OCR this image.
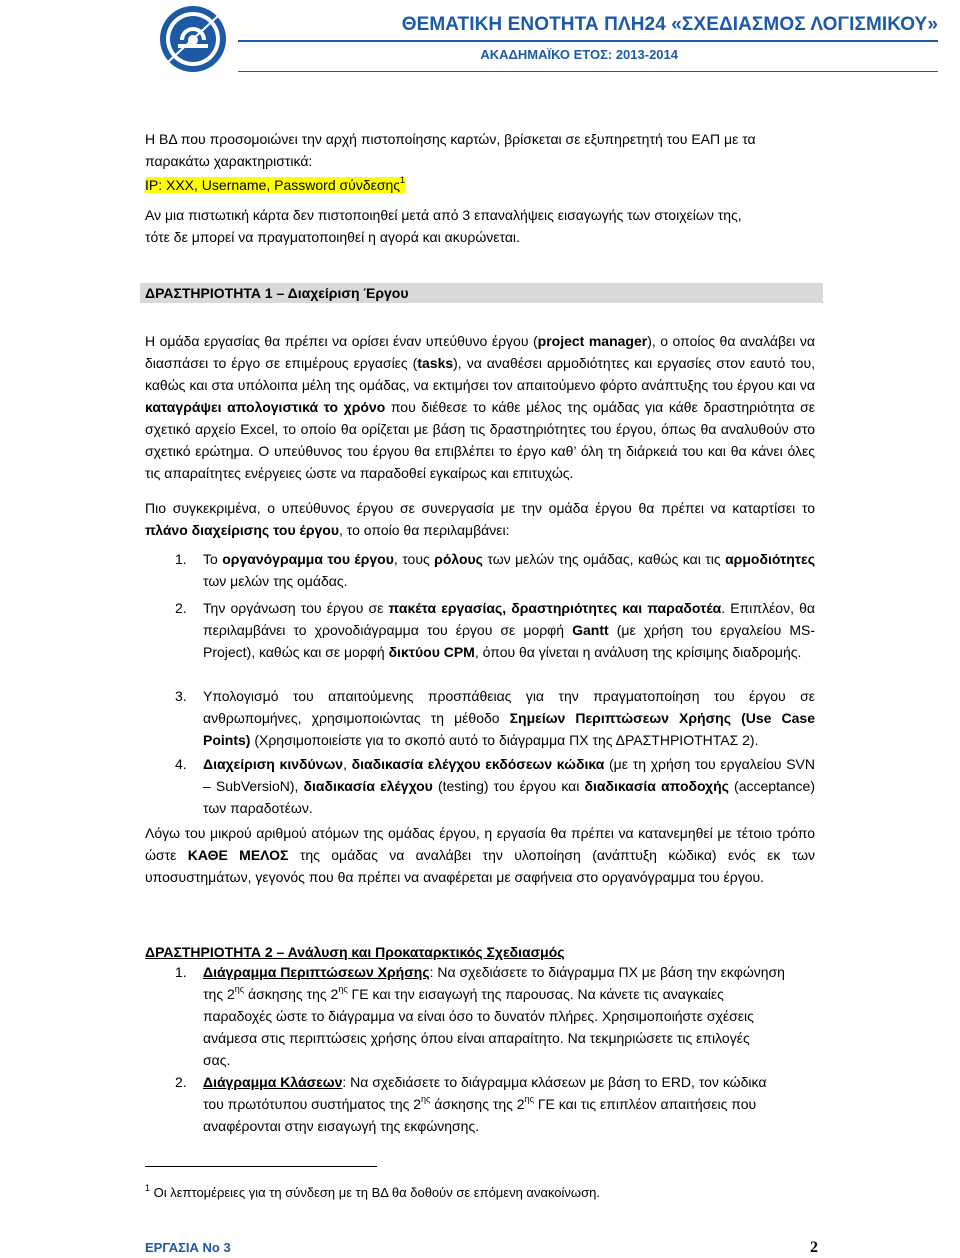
ΘΕΜΑΤΙΚΗ ΕΝΟΤΗΤΑ ΠΛΗ24 «ΣΧΕΔΙΑΣΜΟΣ ΛΟΓΙΣΜΙΚΟΥ»
ΑΚΑΔΗΜΑΪΚΟ ΕΤΟΣ: 2013-2014
Η ΒΔ που προσομοιώνει την αρχή πιστοποίησης καρτών, βρίσκεται σε εξυπηρετητή του ΕΑΠ με τα
παρακάτω χαρακτηριστικά:
IP: XXX, Username, Password σύνδεσης$^1$
Αν μια πιστωτική κάρτα δεν πιστοποιηθεί μετά από 3 επαναλήψεις εισαγωγής των στοιχείων της,
τότε δε μπορεί να πραγματοποιηθεί η αγορά και ακυρώνεται.
ΔΡΑΣΤΗΡΙΟΤΗΤΑ 1 – Διαχείριση Έργου
Η ομάδα εργασίας θα πρέπει να ορίσει έναν υπεύθυνο έργου (project manager), ο οποίος θα αναλάβει να διασπάσει το έργο σε επιμέρους εργασίες (tasks), να αναθέσει αρμοδιότητες και εργασίες στον εαυτό του, καθώς και στα υπόλοιπα μέλη της ομάδας, να εκτιμήσει τον απαιτούμενο φόρτο ανάπτυξης του έργου και να καταγράψει απολογιστικά το χρόνο που διέθεσε το κάθε μέλος της ομάδας για κάθε δραστηριότητα σε σχετικό αρχείο Excel, το οποίο θα ορίζεται με βάση τις δραστηριότητες του έργου, όπως θα αναλυθούν στο σχετικό ερώτημα. Ο υπεύθυνος του έργου θα επιβλέπει το έργο καθ’ όλη τη διάρκειά του και θα κάνει όλες τις απαραίτητες ενέργειες ώστε να παραδοθεί εγκαίρως και επιτυχώς.
Πιο συγκεκριμένα, ο υπεύθυνος έργου σε συνεργασία με την ομάδα έργου θα πρέπει να καταρτίσει το πλάνο διαχείρισης του έργου, το οποίο θα περιλαμβάνει:
1. Το οργανόγραμμα του έργου, τους ρόλους των μελών της ομάδας, καθώς και τις αρμοδιότητες των μελών της ομάδας.
2. Την οργάνωση του έργου σε πακέτα εργασίας, δραστηριότητες και παραδοτέα. Επιπλέον, θα περιλαμβάνει το χρονοδιάγραμμα του έργου σε μορφή Gantt (με χρήση του εργαλείου MS-Project), καθώς και σε μορφή δικτύου CPM, όπου θα γίνεται η ανάλυση της κρίσιμης διαδρομής.
3. Υπολογισμό του απαιτούμενης προσπάθειας για την πραγματοποίηση του έργου σε ανθρωπομήνες, χρησιμοποιώντας τη μέθοδο Σημείων Περιπτώσεων Χρήσης (Use Case Points) (Χρησιμοποιείστε για το σκοπό αυτό το διάγραμμα ΠΧ της ΔΡΑΣΤΗΡΙΟΤΗΤΑΣ 2).
4. Διαχείριση κινδύνων, διαδικασία ελέγχου εκδόσεων κώδικα (με τη χρήση του εργαλείου SVN – SubVersioN), διαδικασία ελέγχου (testing) του έργου και διαδικασία αποδοχής (acceptance) των παραδοτέων.
Λόγω του μικρού αριθμού ατόμων της ομάδας έργου, η εργασία θα πρέπει να κατανεμηθεί με τέτοιο τρόπο ώστε ΚΑΘΕ ΜΕΛΟΣ της ομάδας να αναλάβει την υλοποίηση (ανάπτυξη κώδικα) ενός εκ των υποσυστημάτων, γεγονός που θα πρέπει να αναφέρεται με σαφήνεια στο οργανόγραμμα του έργου.
ΔΡΑΣΤΗΡΙΟΤΗΤΑ 2 – Ανάλυση και Προκαταρκτικός Σχεδιασμός
1. Διάγραμμα Περιπτώσεων Χρήσης: Να σχεδιάσετε το διάγραμμα ΠΧ με βάση την εκφώνηση
της $2^{\eta\varsigma}$ άσκησης της $2^{\eta\varsigma}$ ΓΕ και την εισαγωγή της παρουσας. Να κάνετε τις αναγκαίες
παραδοχές ώστε το διάγραμμα να είναι όσο το δυνατόν πλήρες. Χρησιμοποιήστε σχέσεις
ανάμεσα στις περιπτώσεις χρήσης όπου είναι απαραίτητο. Να τεκμηριώσετε τις επιλογές
σας.
2. Διάγραμμα Κλάσεων: Να σχεδιάσετε το διάγραμμα κλάσεων με βάση το ERD, τον κώδικα
του πρωτότυπου συστήματος της $2^{\eta\varsigma}$ άσκησης της $2^{\eta\varsigma}$ ΓΕ και τις επιπλέον απαιτήσεις που
αναφέρονται στην εισαγωγή της εκφώνησης.
$^1$ Οι λεπτομέρειες για τη σύνδεση με τη ΒΔ θα δοθούν σε επόμενη ανακοίνωση.
ΕΡΓΑΣΙΑ Νο 3	2
